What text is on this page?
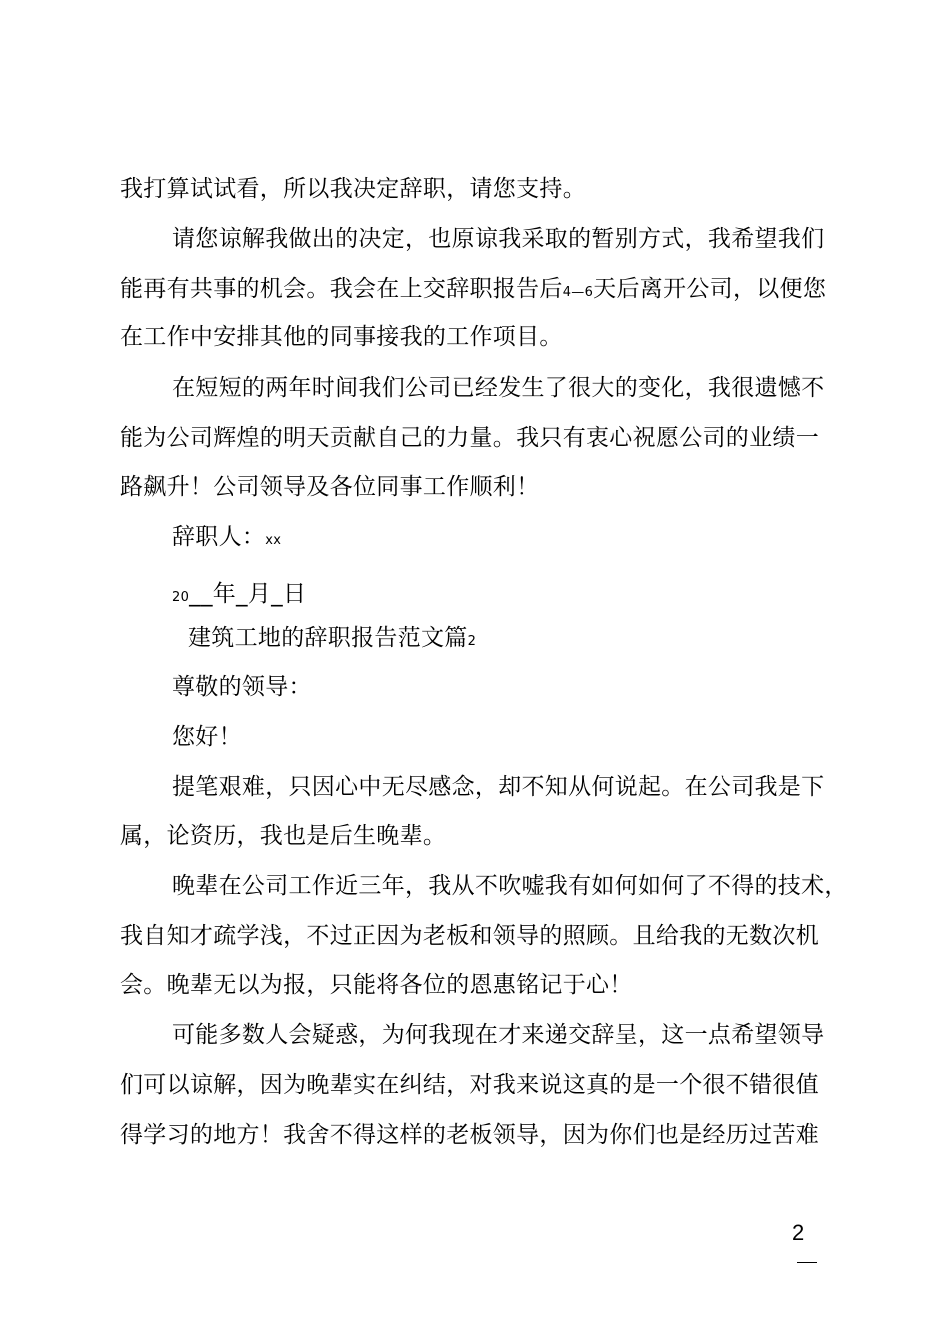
我打算试试看，所以我决定辞职，请您支持。
请您谅解我做出的决定，也原谅我采取的暂别方式，我希望我们
能再有共事的机会。我会在上交辞职报告后4—6天后离开公司，以便您
在工作中安排其他的同事接我的工作项目。
在短短的两年时间我们公司已经发生了很大的变化，我很遗憾不
能为公司辉煌的明天贡献自己的力量。我只有衷心祝愿公司的业绩一
路飙升！公司领导及各位同事工作顺利！
辞职人：xx
20__年_月_日
建筑工地的辞职报告范文篇2
尊敬的领导：
您好！
提笔艰难，只因心中无尽感念，却不知从何说起。在公司我是下
属，论资历，我也是后生晚辈。
晚辈在公司工作近三年，我从不吹嘘我有如何如何了不得的技术，
我自知才疏学浅，不过正因为老板和领导的照顾。且给我的无数次机
会。晚辈无以为报，只能将各位的恩惠铭记于心！
可能多数人会疑惑，为何我现在才来递交辞呈，这一点希望领导
们可以谅解，因为晚辈实在纠结，对我来说这真的是一个很不错很值
得学习的地方！我舍不得这样的老板领导，因为你们也是经历过苦难
2
